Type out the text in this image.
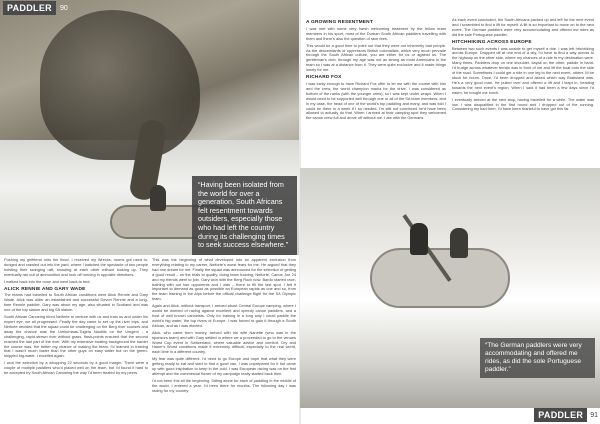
PADDLER	90
“Having been isolated from the world for over a generation, South Africans felt resentment towards outsiders, especially those who had left the country during its challenging times to seek success elsewhere.”

Pushing my girlfriend onto the flood, I received my Wrecks, rooms got used to, dodged and crawled out into the yard, where I watched the spectacle of two people hoisting their swinging raft, shouting at each other without looking up. They eventually ran out of ammunition and took off running in opposite directions.

I walked back into the room and went back to bed.

ALICK RENNIE AND GARY WADE

The teams had travelled to South African conditions were Alick Rennie and Gary Wade. Alick was older an established and successful Devon Rennie and a long-time Rennie paddler. Gary was about my age, also situated in Scotland and was one of the top slalom and big SA slalom.

South African Canoeing hired Neiforte to venture with us and train us and under his expert eye, we all progressed. Finally the day came to set up the river trips, and Neiforte decided that the squad could be challenging on the Berg river courses and away the chance was the Umkomaas-Tugela Nautilis on the Umgeni - a challenging, rapid-strewn river without grass, flash-points ensured that the second reached the last part of the river. With my extensive boating background the harder the course was, the better my chance of making the team. I'd learned in training that I wasn't much faster than the other guys on easy water but on the green-shipped big-water, I excelled again.

I won the selection by a whopping 22 seconds by a good margin. There were a couple of multiple paddlers who'd placed well on the team, but I'd found it hard to be accepted by South African Canoeing the way I'd been treated by my peers.

This was the beginning of what developed into an apparent exclusion from everything relating to my career, Neiforte's worst fears for me. He argued that they had one dream for me. Finally the squad was announced for the selection of getting a good result – on the trials to qualify, doing team training, Neiforte. Canoe Joe 24 and my friends went to join. Gary won with the Berg Rock now. Bardo started race-training with our two opponents and I was – there to fill the last spot. I felt it important to demand as good as possible an European rapids as one and so, from the team training in the Alps before the official challenge flight for the SA Olympic team.

Again and Alick, without transport, I arrived about Central Europe camping, where I would be worried of racing against excellent and speedy canoe paddlers, and a host of well known canoeists. Only for training in a long way I could paddle the world's big water, the top rivers of Europe. I was forced to gain it through a South African, and as I was elected.

Alick, who came from money, arrived with his wife Nanette (who was in the sponsors team) and with Gary settled in where we a proceeded to go to the venues Worst Cup event in Switzerland, where valuable advice and comfort. Dry and Hauer's Worst conditions made it extremely difficult, especially to the real world, each time in a different country.

My fear was quite different. I'd need to go Europe and hope that what they were getting ready to eat and start to find a good van. I was unprepared for it but came up with good inspiration to keep in the cold. I was European racing was on the first attempt and the commercial flower of my campaign really started back then.

I'd not been this all the beginning. Sitting alone for each of paddling in the middle of the world, I entered a year. I'd been there for months. The following day I was racing for my country.

A GROWING RESENTMENT

I was met with some very harsh welcoming treatment by the fellow team members in his sport, most of the Durban South African paddlers travelling with them and there's also the question of race fees.

This would be a good time to point out that they were not inherently bad people. As the descendants of oppressors British colonialists, which very much pervade through the South African culture, you are either for us or against us. The gentleman's club, through my age was not as strong as most Americans in the team so I was at a distance from it. They were quite exclusive and it made things lonely for me.

RICHARD FOX

I was lucky enough to have Richard Fox offer to let me with the course with him and the crew, the world champion mania for the drive. I was considered as bottom of the ranks (with the younger ones), so I was kept under wraps. When I would need to be supported well through one or all of the SA team members, and in my case, the head of one of the world's top paddling and many, and was told I could be there in a week if I so needed. I'm still not convinced he'd have been allowed to actually do that. When I arrived at their camping spot they welcomed the canoe crew full and drove off without me. I ate with the Germans.

As each event concluded, the South Africans packed up and left for the next event and I scrambled to find a lift for myself. A lift is so important to move on to the next event. The German paddlers were very accommodating and offered me rides as did the sole Portuguese paddler.

HITCHHIKING ACROSS EUROPE

Between two such events I was unable to get myself a ride. I was left hitchhiking across Europe. Dropped off at one end of a city, I'd have to find a way across to the highway on the other side, where my chances of a ride to my destination were. Many times, Paddlers drop on one shoulder, kayak on the other, paddle in hand. I'd trudge across whatever terrain was in front of me and lift the boat onto the side of the road. Sometimes I could get a ride in one leg to the next event, others I'd be stuck for hours. Once, I'd been dropped and asked which way Bratislava was. He's a very good man. He pulled over and offered a lift and I leapt in, heading towards the next event's region. When I said it had been a few days since I'd eaten, he bought me lunch.

I eventually arrived at the next stop, having travelled for a while. The water was low. I was disqualified in the first round and I dropped out of the running. Considering my bad form, I'd have been thankful to have got this far.

“The German paddlers were very accommodating and offered me rides, as did the sole Portuguese paddler.”
PADDLER	91
